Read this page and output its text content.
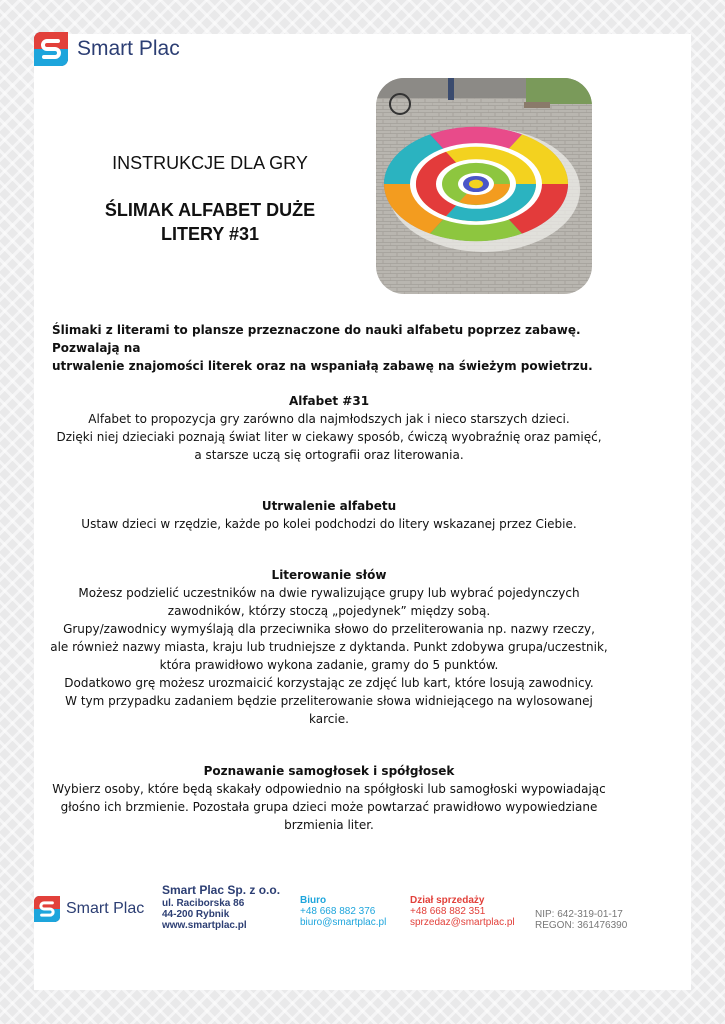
Smart Plac
INSTRUKCJE DLA GRY
ŚLIMAK ALFABET DUŻE
LITERY #31

Ślimaki z literami to plansze przeznaczone do nauki alfabetu poprzez zabawę. Pozwalają na
utrwalenie znajomości literek oraz na wspaniałą zabawę na świeżym powietrzu.

Alfabet #31

Alfabet to propozycja gry zarówno dla najmłodszych jak i nieco starszych dzieci.

Dzięki niej dzieciaki poznają świat liter w ciekawy sposób, ćwiczą wyobraźnię oraz pamięć,

a starsze uczą się ortografii oraz literowania.

Utrwalenie alfabetu

Ustaw dzieci w rzędzie, każde po kolei podchodzi do litery wskazanej przez Ciebie.

Literowanie słów

Możesz podzielić uczestników na dwie rywalizujące grupy lub wybrać pojedynczych

zawodników, którzy stoczą „pojedynek” między sobą.

Grupy/zawodnicy wymyślają dla przeciwnika słowo do przeliterowania np. nazwy rzeczy,

ale również nazwy miasta, kraju lub trudniejsze z dyktanda. Punkt zdobywa grupa/uczestnik,

która prawidłowo wykona zadanie, gramy do 5 punktów.

Dodatkowo grę możesz urozmaicić korzystając ze zdjęć lub kart, które losują zawodnicy.

W tym przypadku zadaniem będzie przeliterowanie słowa widniejącego na wylosowanej

karcie.

Poznawanie samogłosek i spółgłosek

Wybierz osoby, które będą skakały odpowiednio na spółgłoski lub samogłoski wypowiadając

głośno ich brzmienie. Pozostała grupa dzieci może powtarzać prawidłowo wypowiedziane

brzmienia liter.

Smart Plac
Smart Plac Sp. z o.o.
ul. Raciborska 86
44-200 Rybnik
www.smartplac.pl
Biuro
+48 668 882 376
biuro@smartplac.pl
Dział sprzedaży
+48 668 882 351
sprzedaz@smartplac.pl
NIP: 642-319-01-17
REGON: 361476390
